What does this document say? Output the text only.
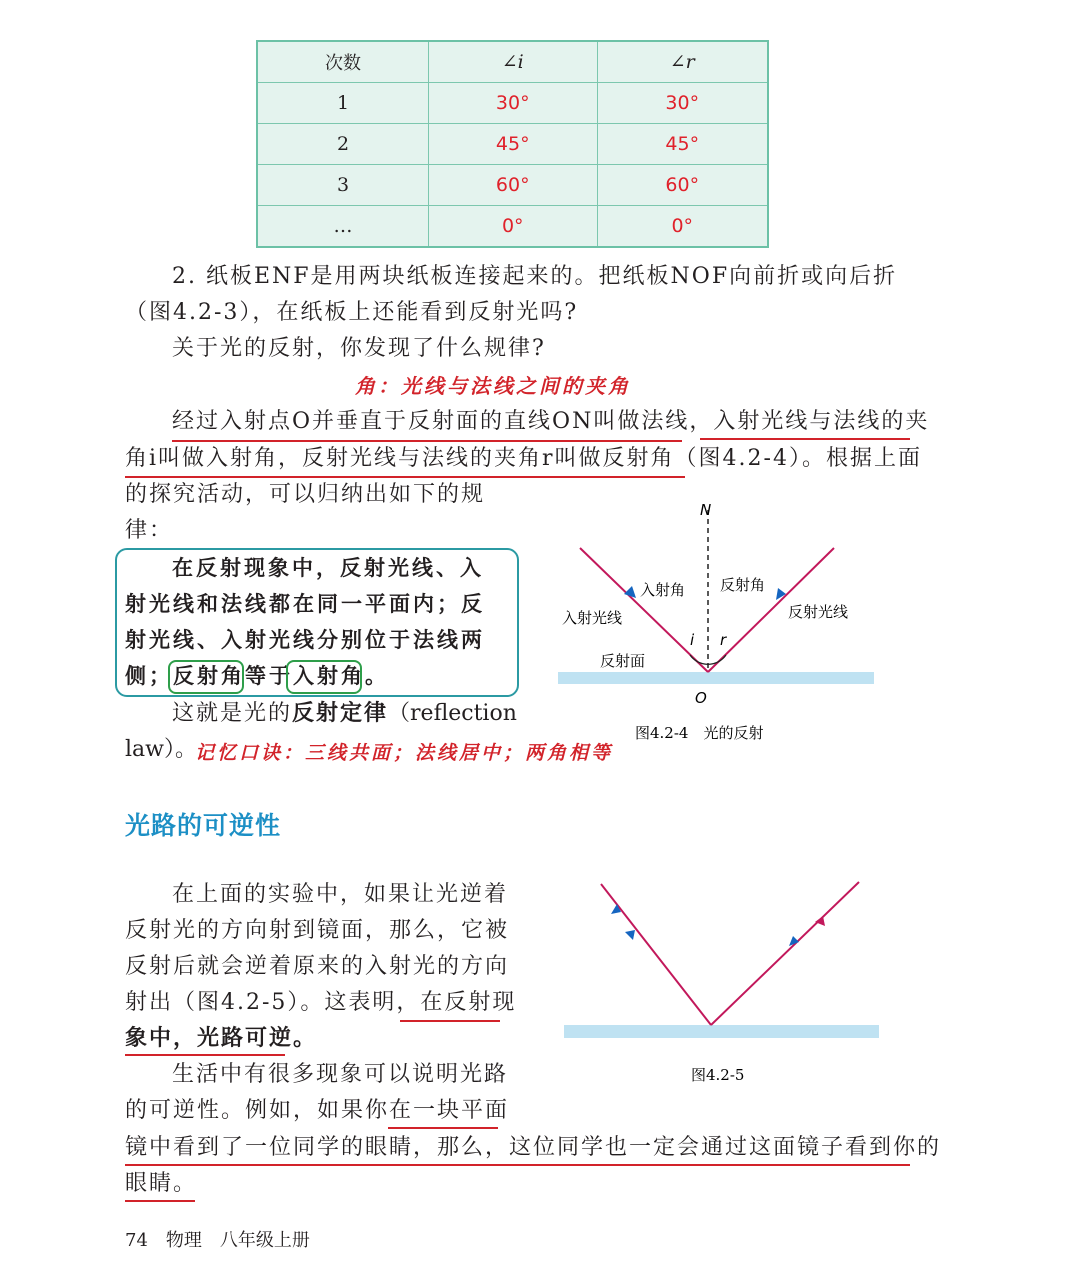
次数	∠i	∠r
1	30°	30°
2	45°	45°
3	60°	60°
…	0°	0°
2. 纸板ENF是用两块纸板连接起来的。把纸板NOF向前折或向后折
（图4.2-3），在纸板上还能看到反射光吗?
关于光的反射，你发现了什么规律?
角：光线与法线之间的夹角
经过入射点O并垂直于反射面的直线ON叫做法线，入射光线与法线的夹
角i叫做入射角，反射光线与法线的夹角r叫做反射角（图4.2-4）。根据上面
的探究活动，可以归纳出如下的规
律：
在反射现象中，反射光线、入
射光线和法线都在同一平面内；反
射光线、入射光线分别位于法线两
侧；反射角等于入射角。
这就是光的反射定律（reflection
law）。
记忆口诀：三线共面；法线居中；两角相等
N
O
i r
入射角 反射角
入射光线	反射光线
反射面
图4.2-4　光的反射
光路的可逆性
在上面的实验中，如果让光逆着
反射光的方向射到镜面，那么，它被
反射后就会逆着原来的入射光的方向
射出（图4.2-5）。这表明，在反射现
象中，光路可逆。
生活中有很多现象可以说明光路
的可逆性。例如，如果你在一块平面
镜中看到了一位同学的眼睛，那么，这位同学也一定会通过这面镜子看到你的
眼睛。
图4.2-5
74　物理　八年级上册
